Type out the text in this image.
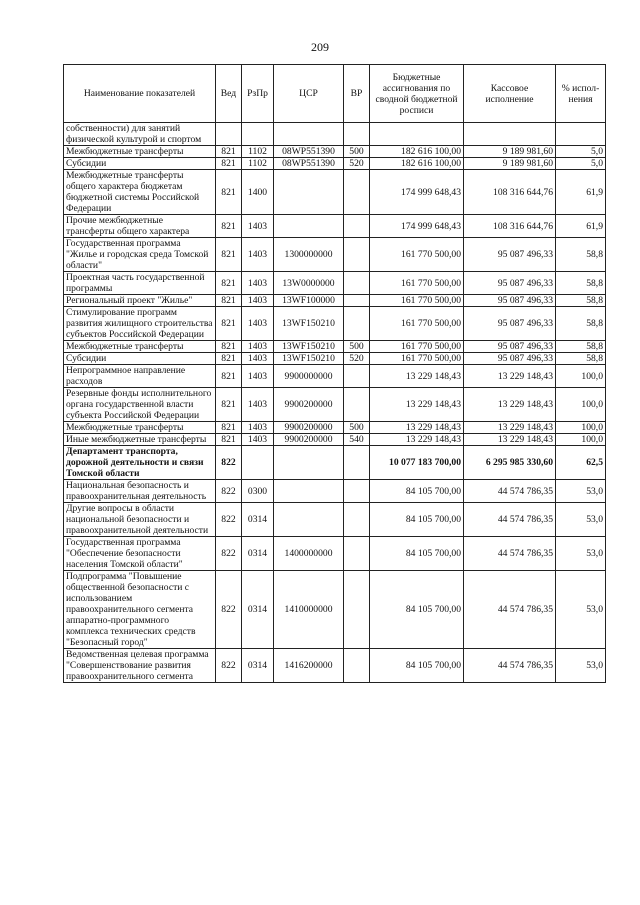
209
Наименование показателей	Вед	РзПр	ЦСР	ВР	Бюджетные ассигнования по сводной бюджетной росписи	Кассовое исполнение	% испол-нения
собственности) для занятий физической культурой и спортом							
Межбюджетные трансферты	821	1102	08WP551390	500	182 616 100,00	9 189 981,60	5,0
Субсидии	821	1102	08WP551390	520	182 616 100,00	9 189 981,60	5,0
Межбюджетные трансферты общего характера бюджетам бюджетной системы Российской Федерации	821	1400			174 999 648,43	108 316 644,76	61,9
Прочие межбюджетные трансферты общего характера	821	1403			174 999 648,43	108 316 644,76	61,9
Государственная программа "Жилье и городская среда Томской области"	821	1403	1300000000		161 770 500,00	95 087 496,33	58,8
Проектная часть государственной программы	821	1403	13W0000000		161 770 500,00	95 087 496,33	58,8
Региональный проект "Жилье"	821	1403	13WF100000		161 770 500,00	95 087 496,33	58,8
Стимулирование программ развития жилищного строительства субъектов Российской Федерации	821	1403	13WF150210		161 770 500,00	95 087 496,33	58,8
Межбюджетные трансферты	821	1403	13WF150210	500	161 770 500,00	95 087 496,33	58,8
Субсидии	821	1403	13WF150210	520	161 770 500,00	95 087 496,33	58,8
Непрограммное направление расходов	821	1403	9900000000		13 229 148,43	13 229 148,43	100,0
Резервные фонды исполнительного органа государственной власти субъекта Российской Федерации	821	1403	9900200000		13 229 148,43	13 229 148,43	100,0
Межбюджетные трансферты	821	1403	9900200000	500	13 229 148,43	13 229 148,43	100,0
Иные межбюджетные трансферты	821	1403	9900200000	540	13 229 148,43	13 229 148,43	100,0
Департамент транспорта, дорожной деятельности и связи Томской области	822				10 077 183 700,00	6 295 985 330,60	62,5
Национальная безопасность и правоохранительная деятельность	822	0300			84 105 700,00	44 574 786,35	53,0
Другие вопросы в области национальной безопасности и правоохранительной деятельности	822	0314			84 105 700,00	44 574 786,35	53,0
Государственная программа "Обеспечение безопасности населения Томской области"	822	0314	1400000000		84 105 700,00	44 574 786,35	53,0
Подпрограмма "Повышение общественной безопасности с использованием правоохранительного сегмента аппаратно-программного комплекса технических средств "Безопасный город"	822	0314	1410000000		84 105 700,00	44 574 786,35	53,0
Ведомственная целевая программа "Совершенствование развития правоохранительного сегмента	822	0314	1416200000		84 105 700,00	44 574 786,35	53,0
